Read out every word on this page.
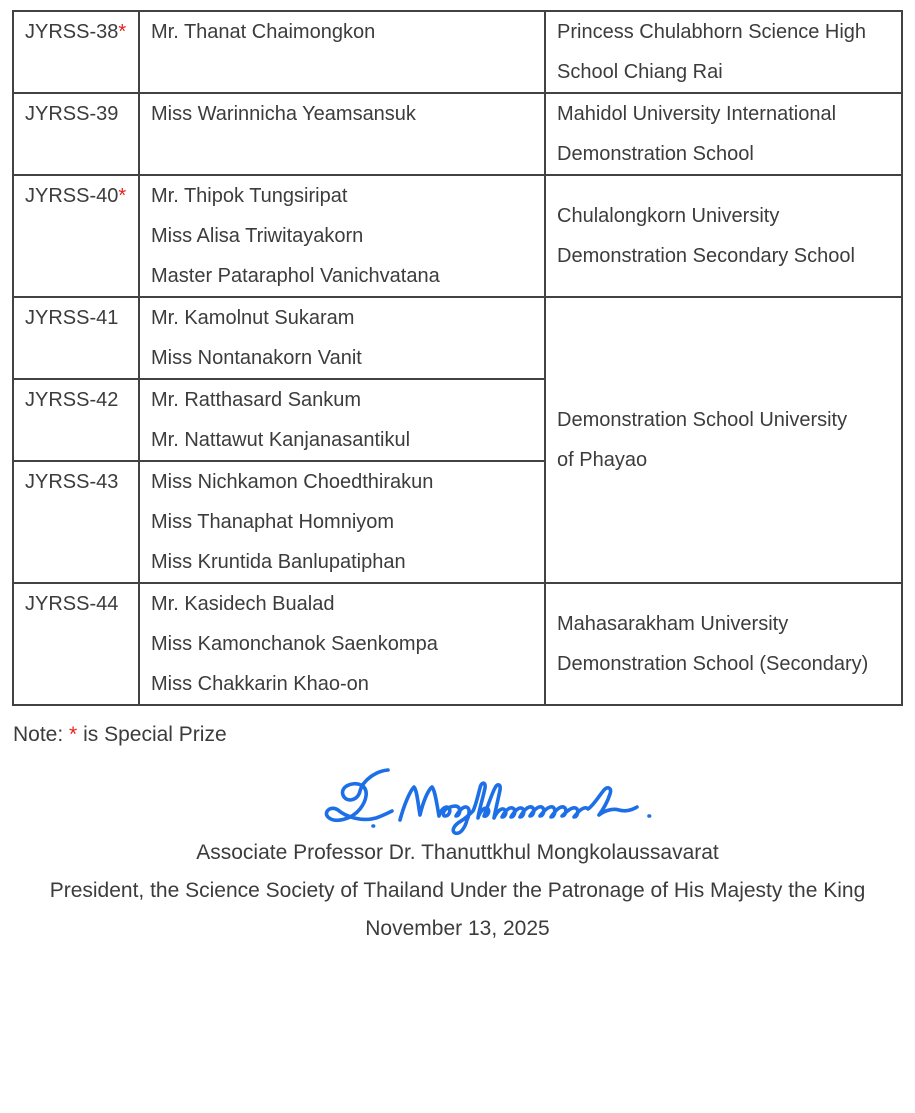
JYRSS-38*	Mr. Thanat Chaimongkon	Princess Chulabhorn Science High
School Chiang Rai

JYRSS-39	Miss Warinnicha Yeamsansuk	Mahidol University International
Demonstration School

JYRSS-40*	Mr. Thipok Tungsiripat
Miss Alisa Triwitayakorn
Master Pataraphol Vanichvatana	Chulalongkorn University
Demonstration Secondary School

JYRSS-41	Mr. Kamolnut Sukaram
Miss Nontanakorn Vanit	Demonstration School University
of Phayao

JYRSS-42	Mr. Ratthasard Sankum
Mr. Nattawut Kanjanasantikul	

JYRSS-43	Miss Nichkamon Choedthirakun
Miss Thanaphat Homniyom
Miss Kruntida Banlupatiphan	

JYRSS-44	Mr. Kasidech Bualad
Miss Kamonchanok Saenkompa
Miss Chakkarin Khao-on	Mahasarakham University
Demonstration School (Secondary)
Note: * is Special Prize
Associate Professor Dr. Thanuttkhul Mongkolaussavarat
President, the Science Society of Thailand Under the Patronage of His Majesty the King
November 13, 2025
